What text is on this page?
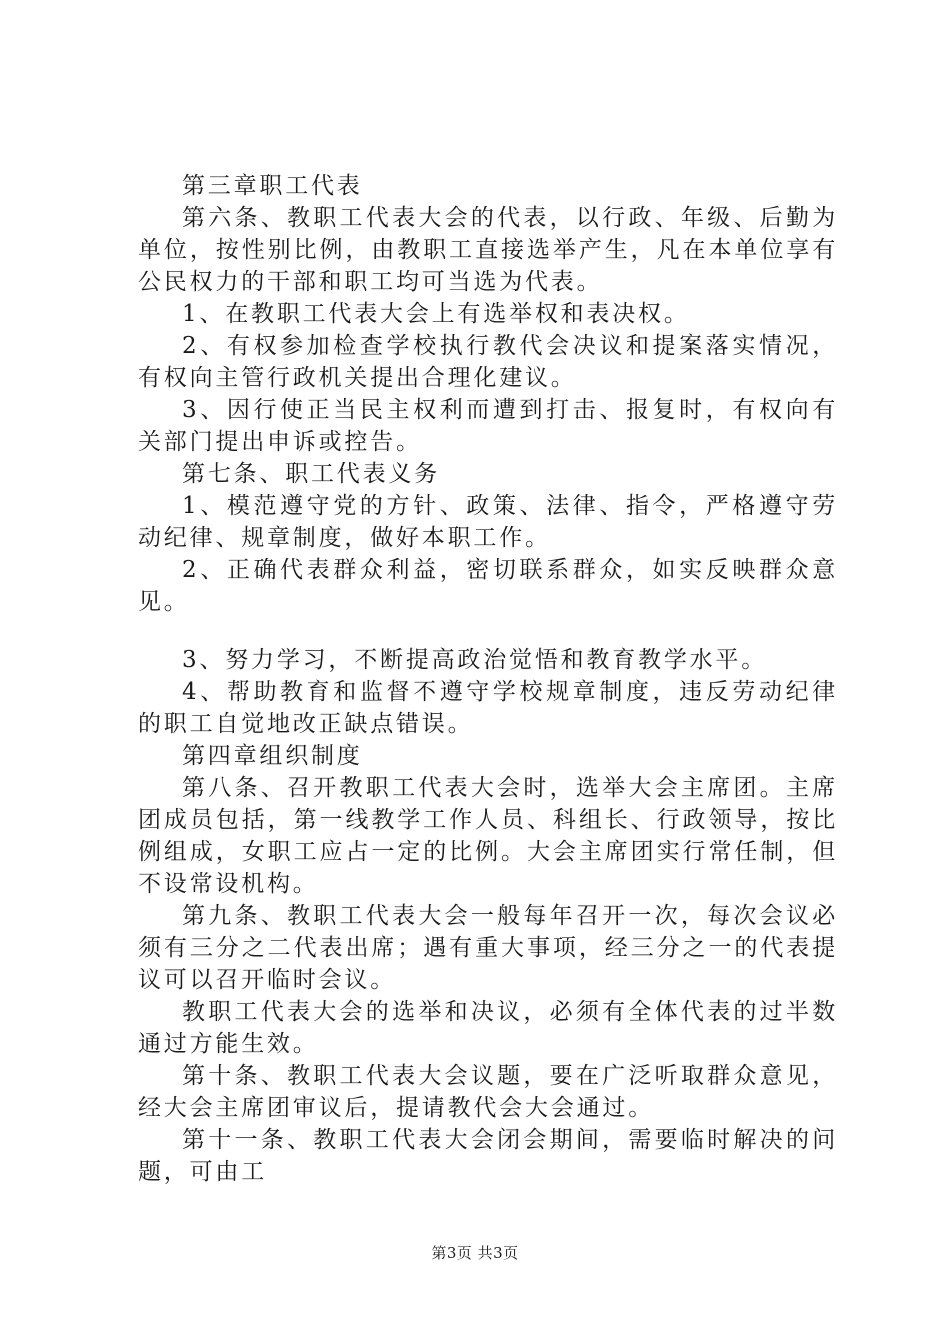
第三章职工代表

第六条、教职工代表大会的代表，以行政、年级、后勤为单位，按性别比例，由教职工直接选举产生，凡在本单位享有公民权力的干部和职工均可当选为代表。

1、在教职工代表大会上有选举权和表决权。

2、有权参加检查学校执行教代会决议和提案落实情况，有权向主管行政机关提出合理化建议。

3、因行使正当民主权利而遭到打击、报复时，有权向有关部门提出申诉或控告。

第七条、职工代表义务

1、模范遵守党的方针、政策、法律、指令，严格遵守劳动纪律、规章制度，做好本职工作。

2、正确代表群众利益，密切联系群众，如实反映群众意见。

3、努力学习，不断提高政治觉悟和教育教学水平。

4、帮助教育和监督不遵守学校规章制度，违反劳动纪律的职工自觉地改正缺点错误。

第四章组织制度

第八条、召开教职工代表大会时，选举大会主席团。主席团成员包括，第一线教学工作人员、科组长、行政领导，按比例组成，女职工应占一定的比例。大会主席团实行常任制，但不设常设机构。

第九条、教职工代表大会一般每年召开一次，每次会议必须有三分之二代表出席；遇有重大事项，经三分之一的代表提议可以召开临时会议。

教职工代表大会的选举和决议，必须有全体代表的过半数通过方能生效。

第十条、教职工代表大会议题，要在广泛听取群众意见，经大会主席团审议后，提请教代会大会通过。

第十一条、教职工代表大会闭会期间，需要临时解决的问题，可由工

第3页 共3页
